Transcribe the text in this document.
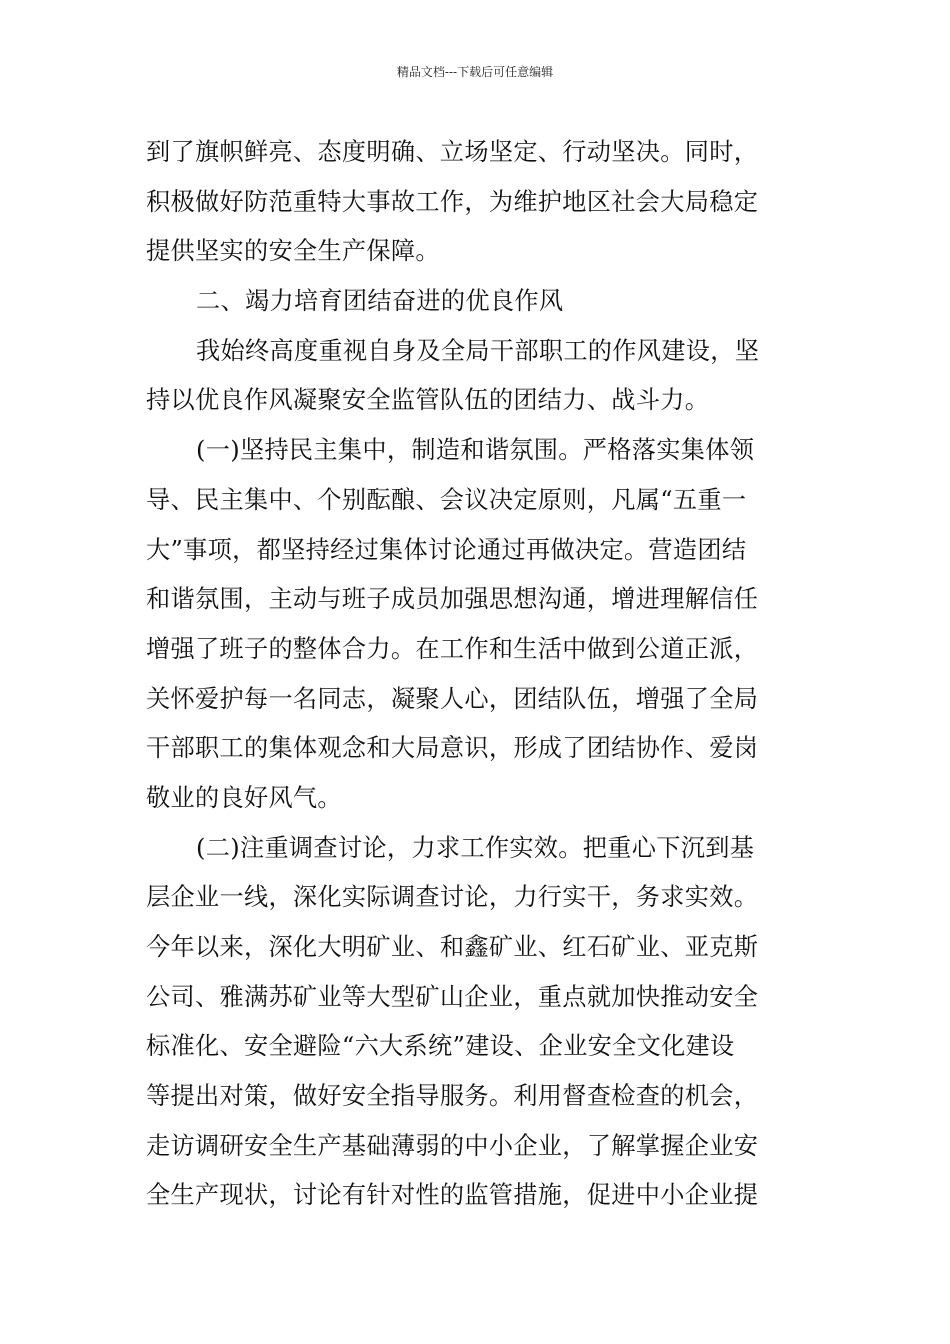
精品文档---下载后可任意编辑
到了旗帜鲜亮、态度明确、立场坚定、行动坚决。同时，
积极做好防范重特大事故工作，为维护地区社会大局稳定
提供坚实的安全生产保障。
二、竭力培育团结奋进的优良作风
我始终高度重视自身及全局干部职工的作风建设，坚
持以优良作风凝聚安全监管队伍的团结力、战斗力。
(一)坚持民主集中，制造和谐氛围。严格落实集体领
导、民主集中、个别酝酿、会议决定原则，凡属“五重一
大”事项，都坚持经过集体讨论通过再做决定。营造团结
和谐氛围，主动与班子成员加强思想沟通，增进理解信任
增强了班子的整体合力。在工作和生活中做到公道正派，
关怀爱护每一名同志，凝聚人心，团结队伍，增强了全局
干部职工的集体观念和大局意识，形成了团结协作、爱岗
敬业的良好风气。
(二)注重调查讨论，力求工作实效。把重心下沉到基
层企业一线，深化实际调查讨论，力行实干，务求实效。
今年以来，深化大明矿业、和鑫矿业、红石矿业、亚克斯
公司、雅满苏矿业等大型矿山企业，重点就加快推动安全
标准化、安全避险“六大系统”建设、企业安全文化建设
等提出对策，做好安全指导服务。利用督查检查的机会，
走访调研安全生产基础薄弱的中小企业，了解掌握企业安
全生产现状，讨论有针对性的监管措施，促进中小企业提
